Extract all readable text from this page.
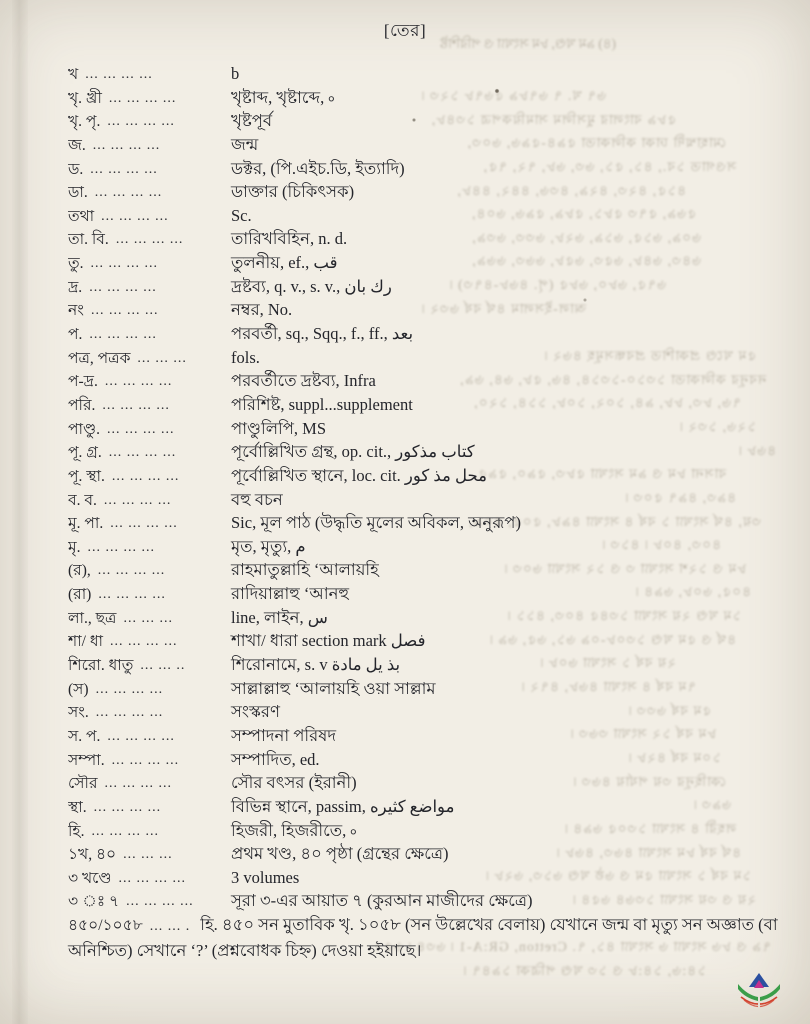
(৪) ৯ম খণ্ড, ৮ম সংখ্যা ও পরিশিষ্ট
৬৭ খ. ৭ ৬৭৮৯ ৫৬৭৮ ১২৩ ৷
৫৮৯ বাংলার মুসলিম সাময়িকপত্র ১৩৪৮,
মোহাম্মদী ঢাকা কলিকাতা ৫৯৪-৫৯৬, ৬০৩,
সওগাত ১ব., ৪১, ৫১, ৬৩, ৬৮, ৭২, ৭৫,
৪১৫, ৪২৩, ৪২৯, ৪৩৬, ৪৪২, ৪৪৮,
৫৬৯, ৫৭৩ ৫৮১, ৫৮৯, ৫৯৬, ৬০৪,
৬০৯, ৬১৫, ৬১৯, ৬২৮, ৬৩৩, ৬৩৯,
৬৪৩, ৬৪৮, ৬৫৩, ৬৫৮, ৬৬৩, ৬৬৯,
৬৭৫, ৬৮০, ৬৮৫ (পৃ. ৪৬৮-৪৭৩) ৷
আল-ইসলাম ৪র্থ বর্ষ ৬৩২ ৷
৫ম খণ্ডে প্রকাশিত প্রবন্ধসমূহ ৪৬২ ৷
নবনূর কলিকাতা ১৩১০-১৩১৪, ৪৬, ৫৮, ৬৪, ৬৯,
৭৬, ৮৩, ৮৮, ৯৪, ১০২, ১০৮, ১১৪, ১২০,
১২৬, ১৩২ ৷
৪৬৮ ৷
বাসনা ৮ম ও ৯ম সংখ্যা ৫৮৩, ৫৯০, ৫৯৫,
৪৯৩, ৪৯৭ ৫০৩ ৷
৩য়, ৪র্থ সংখ্যা ১ বর্ষ ৪ সংখ্যা ৪৯৮, ৫০৫, ৫০৯,
৪০৩, ৪০৮ ৷ ৪১৩ ৷
৮ম ও ১২শ সংখ্যা ৩ ও ১২ সংখ্যা ৬০৩ ৷
৪০৫, ৬০৮, ৬৯৪ ৷
১ম খণ্ড ২য় সংখ্যা ১৩৪৫ ৪০৩, ৪১১ ৷
৪র্থ ও ৫ম খণ্ড ১৩০৮-০৯ ৬১, ৬৫, ৬৯ ৷
২য় বর্ষ ১ সংখ্যা ৬০৮ ৷
৭ম বর্ষ ৪ সংখ্যা ৪৬৮, ৪৭২ ৷
৫ম বর্ষ ৬৩৩ ৷
৮ম বর্ষ ১২ সংখ্যা ৩৬৩ ৷
১০ম বর্ষ ৪২৮ ৷
কোহিনূর ৩য় পর্যায় ৪৬৩ ৷
৬৯৩ ৷
লহরী ৪ সংখ্যা ১৩০৫ ৬৯৪ ৷
৪র্থ বর্ষ ৮ম সংখ্যা ৪৬৩, ৪৬৮ ৷
১ম বর্ষ ১ সংখ্যা ৫ম ও ৬ষ্ঠ খণ্ড ৬১৩, ৬২৮ ৷
২য় ও ৩য় সংখ্যা ১৩৬৪ ৬৫৪ ৷
৭৯ ও ৮৬ সংখ্যা ৬ সংখ্যা ৪১, ৭. Cretton, GR:A-1 ৷ ৬৩৪ ৷ ৬৫ ৷
১৪:৬, ১৪:৮ ও ১৩ খণ্ড পত্রিকা ১৯৪৭ ৷
[তের]
খ ... ... ... ...	b
খৃ. খ্রী ... ... ... ...	খৃষ্টাব্দ, খৃষ্টাব্দে, ৹
খৃ. পৃ. ... ... ... ...	খৃষ্টপূর্ব
জ. ... ... ... ...	জন্ম
ড. ... ... ... ...	ডক্টর, (পি.এইচ.ডি, ইত্যাদি)
ডা. ... ... ... ...	ডাক্তার (চিকিৎসক)
তথা ... ... ... ...	Sc.
তা. বি. ... ... ... ...	তারিখবিহিন, n. d.
তু. ... ... ... ...	তুলনীয়, ef., قب
দ্র. ... ... ... ...	দ্রষ্টব্য, q. v., s. v., رك بان
নং ... ... ... ...	নম্বর, No.
প. ... ... ... ...	পরবর্তী, sq., Sqq., f., ff., بعد
পত্র, পত্রক ... ... ...	fols.
প-দ্র. ... ... ... ...	পরবর্তীতে দ্রষ্টব্য, Infra
পরি. ... ... ... ...	পরিশিষ্ট, suppl...supplement
পাণ্ডু. ... ... ... ...	পাণ্ডুলিপি, MS
পূ. গ্র. ... ... ... ...	পূর্বোল্লিখিত গ্রন্থ, op. cit., كتاب مذكور
পূ. স্থা. ... ... ... ...	পূর্বোল্লিখিত স্থানে, loc. cit. محل مذ كور
ব. ব. ... ... ... ...	বহু বচন
মূ. পা. ... ... ... ...	Sic, মূল পাঠ (উদ্ধৃতি মূলের অবিকল, অনুরূপ)
মৃ. ... ... ... ...	মৃত, মৃত্যু, م
(র), ... ... ... ...	রাহমাতুল্লাহি ‘আলায়হি
(রা) ... ... ... ...	রাদিয়াল্লাহু ‘আনহু
লা., ছত্র ... ... ...	line, লাইন, س
শা/ ধা ... ... ... ...	শাখা/ ধারা section mark فصل
শিরো. ধাতু ... ... ..	শিরোনামে, s. v بذ يل مادة
(স) ... ... ... ...	সাল্লাল্লাহু ‘আলায়হি ওয়া সাল্লাম
সং. ... ... ... ...	সংস্করণ
স. প. ... ... ... ...	সম্পাদনা পরিষদ
সম্পা. ... ... ... ...	সম্পাদিত, ed.
সৌর ... ... ... ...	সৌর বৎসর (ইরানী)
স্থা. ... ... ... ...	বিভিন্ন স্থানে, passim, مواضع كثيره
হি. ... ... ... ...	হিজরী, হিজরীতে, ৹
১খ, ৪০ ... ... ...	প্রথম খণ্ড, ৪০ পৃষ্ঠা (গ্রন্থের ক্ষেত্রে)
৩ খণ্ডে ... ... ... ...	3 volumes
৩ ঃ ৭ ... ... ... ... সূরা ৩-এর আয়াত ৭ (কুরআন মাজীদের ক্ষেত্রে)

৪৫০/১০৫৮ ... ... . হি. ৪৫০ সন মুতাবিক খৃ. ১০৫৮ (সন উল্লেখের বেলায়) যেখানে জন্ম বা মৃত্যু সন অজ্ঞাত (বা অনিশ্চিত) সেখানে ‘?’ (প্রশ্নবোধক চিহ্ন) দেওয়া হইয়াছে।
